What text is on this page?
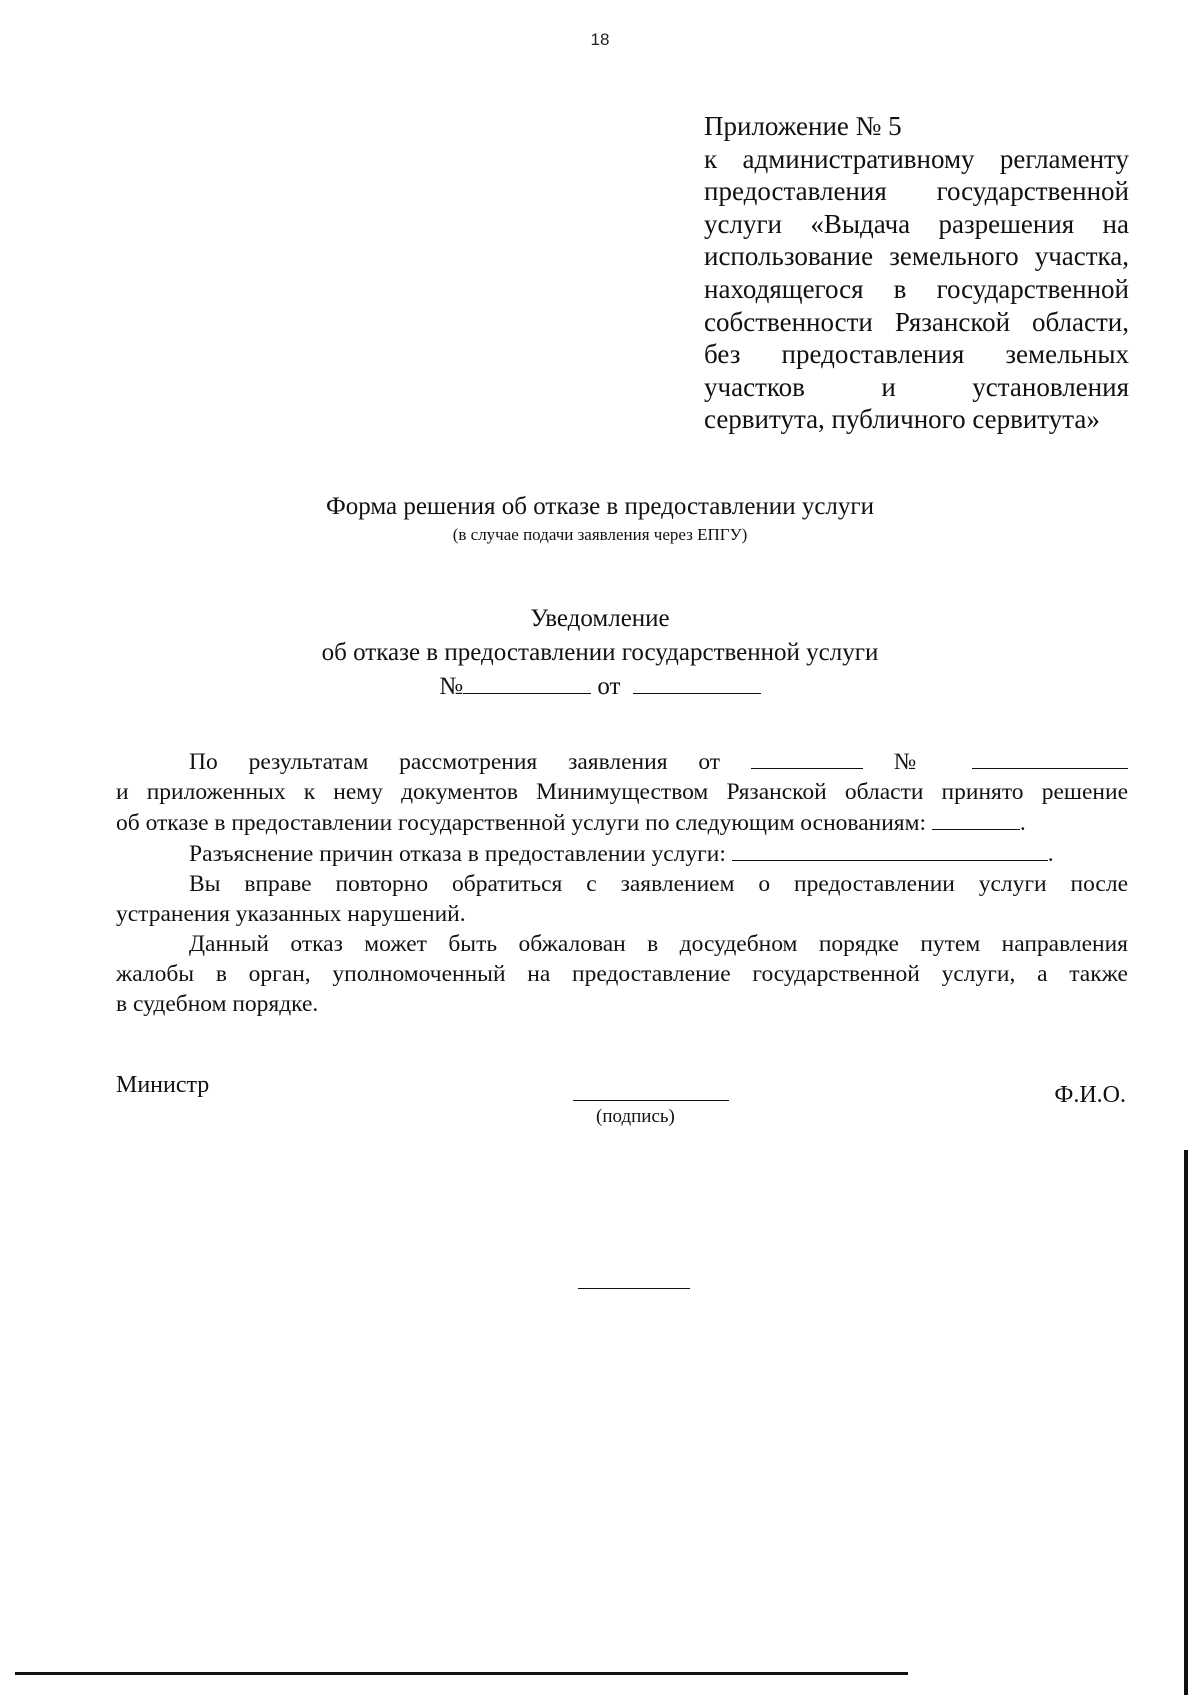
18
Приложение № 5
к административному регламенту
предоставления государственной
услуги «Выдача разрешения на
использование земельного участка,
находящегося в государственной
собственности Рязанской области,
без предоставления земельных
участков и установления
сервитута, публичного сервитута»
Форма решения об отказе в предоставлении услуги
(в случае подачи заявления через ЕПГУ)
Уведомление
об отказе в предоставлении государственной услуги
№	от
По результатам рассмотрения заявления от	№
и приложенных к нему документов Минимуществом Рязанской области принято решение
об отказе в предоставлении государственной услуги по следующим основаниям:	.
Разъяснение причин отказа в предоставлении услуги:	.
Вы вправе повторно обратиться с заявлением о предоставлении услуги после
устранения указанных нарушений.
Данный отказ может быть обжалован в досудебном порядке путем направления
жалобы в орган, уполномоченный на предоставление государственной услуги, а также
в судебном порядке.
Министр
(подпись)
Ф.И.О.
